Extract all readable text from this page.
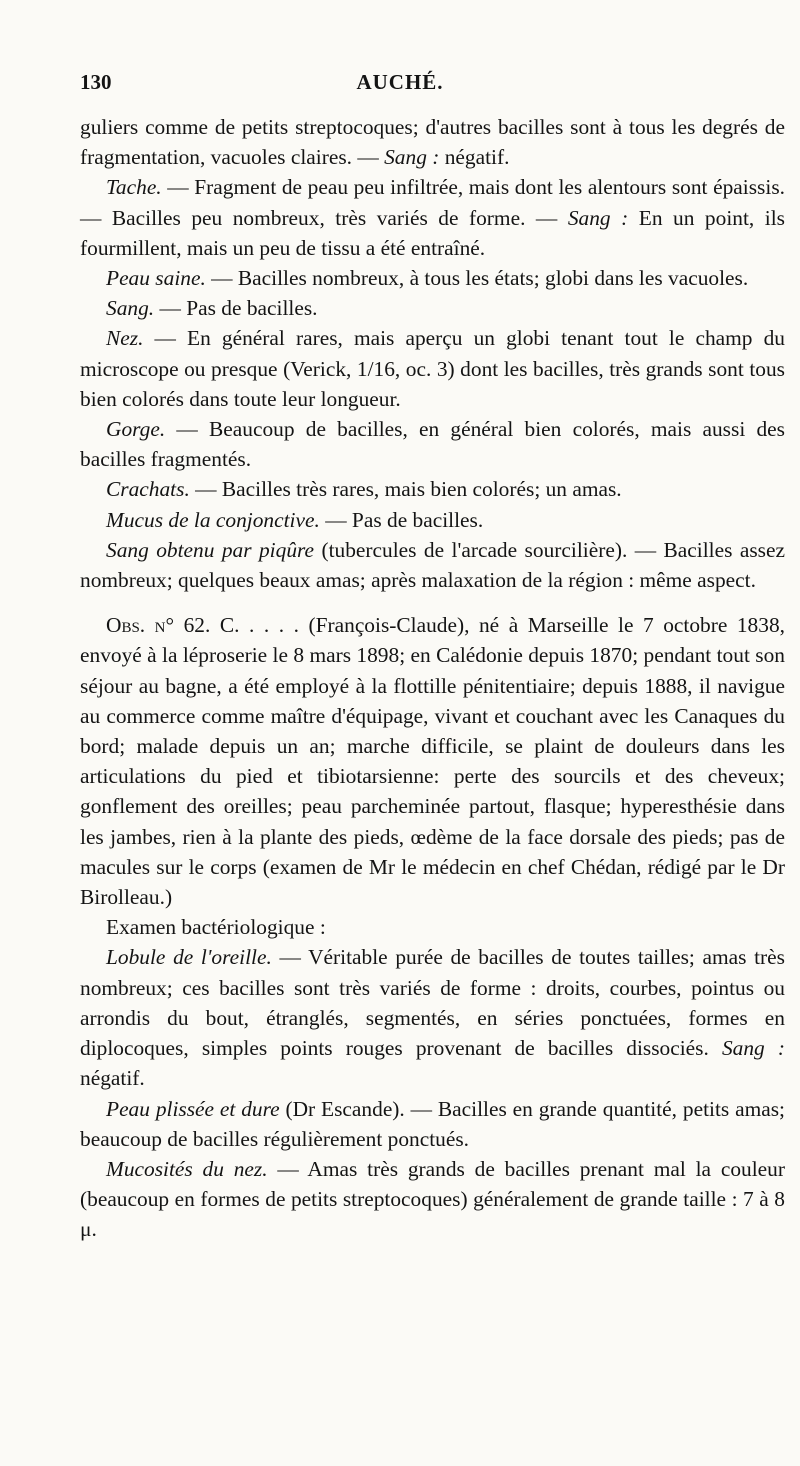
130	AUCHÉ.

guliers comme de petits streptocoques; d'autres bacilles sont à tous les degrés de fragmentation, vacuoles claires. — Sang : négatif.

Tache. — Fragment de peau peu infiltrée, mais dont les alentours sont épaissis. — Bacilles peu nombreux, très variés de forme. — Sang : En un point, ils fourmillent, mais un peu de tissu a été entraîné.

Peau saine. — Bacilles nombreux, à tous les états; globi dans les vacuoles.

Sang. — Pas de bacilles.

Nez. — En général rares, mais aperçu un globi tenant tout le champ du microscope ou presque (Verick, 1/16, oc. 3) dont les bacilles, très grands sont tous bien colorés dans toute leur longueur.

Gorge. — Beaucoup de bacilles, en général bien colorés, mais aussi des bacilles fragmentés.

Crachats. — Bacilles très rares, mais bien colorés; un amas.

Mucus de la conjonctive. — Pas de bacilles.

Sang obtenu par piqûre (tubercules de l'arcade sourcilière). — Bacilles assez nombreux; quelques beaux amas; après malaxation de la région : même aspect.

Obs. n° 62. C. . . . . (François-Claude), né à Marseille le 7 octobre 1838, envoyé à la léproserie le 8 mars 1898; en Calédonie depuis 1870; pendant tout son séjour au bagne, a été employé à la flottille pénitentiaire; depuis 1888, il navigue au commerce comme maître d'équipage, vivant et couchant avec les Canaques du bord; malade depuis un an; marche difficile, se plaint de douleurs dans les articulations du pied et tibiotarsienne: perte des sourcils et des cheveux; gonflement des oreilles; peau parcheminée partout, flasque; hyperesthésie dans les jambes, rien à la plante des pieds, œdème de la face dorsale des pieds; pas de macules sur le corps (examen de Mr le médecin en chef Chédan, rédigé par le Dr Birolleau.)

Examen bactériologique :

Lobule de l'oreille. — Véritable purée de bacilles de toutes tailles; amas très nombreux; ces bacilles sont très variés de forme : droits, courbes, pointus ou arrondis du bout, étranglés, segmentés, en séries ponctuées, formes en diplocoques, simples points rouges provenant de bacilles dissociés. Sang : négatif.

Peau plissée et dure (Dr Escande). — Bacilles en grande quantité, petits amas; beaucoup de bacilles régulièrement ponctués.

Mucosités du nez. — Amas très grands de bacilles prenant mal la couleur (beaucoup en formes de petits streptocoques) généralement de grande taille : 7 à 8 μ.
